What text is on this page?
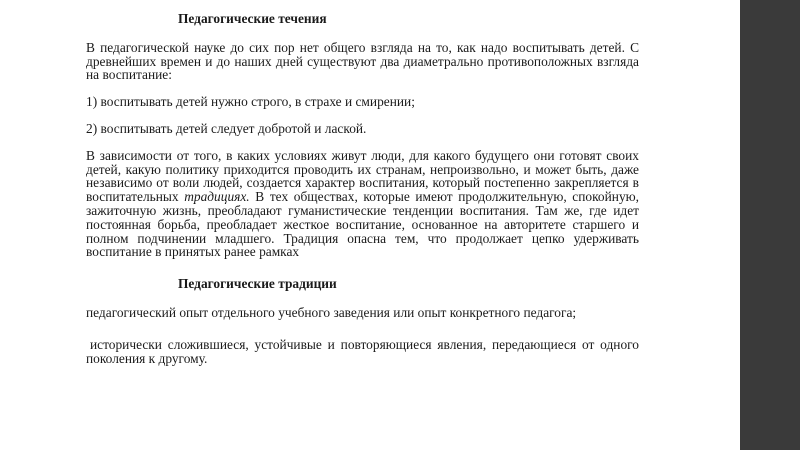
Педагогические течения
В педагогической науке до сих пор нет общего взгляда на то, как надо воспитывать детей. С древнейших времен и до наших дней существуют два диаметрально противоположных взгляда на воспитание:
1) воспитывать детей нужно строго, в страхе и смирении;
2) воспитывать детей следует добротой и лаской.
В зависимости от того, в каких условиях живут люди, для какого будущего они готовят своих детей, какую политику приходится проводить их странам, непроизвольно, и может быть, даже независимо от воли людей, создается характер воспитания, который постепенно закрепляется в воспитательных традициях. В тех обществах, которые имеют продолжительную, спокойную, зажиточную жизнь, преобладают гуманистические тенденции воспитания. Там же, где идет постоянная борьба, преобладает жесткое воспитание, основанное на авторитете старшего и полном подчинении младшего. Традиция опасна тем, что продолжает цепко удерживать воспитание в принятых ранее рамках
Педагогические традиции
педагогический опыт отдельного учебного заведения или опыт конкретного педагога;
исторически сложившиеся, устойчивые и повторяющиеся явления, передающиеся от одного поколения к другому.
